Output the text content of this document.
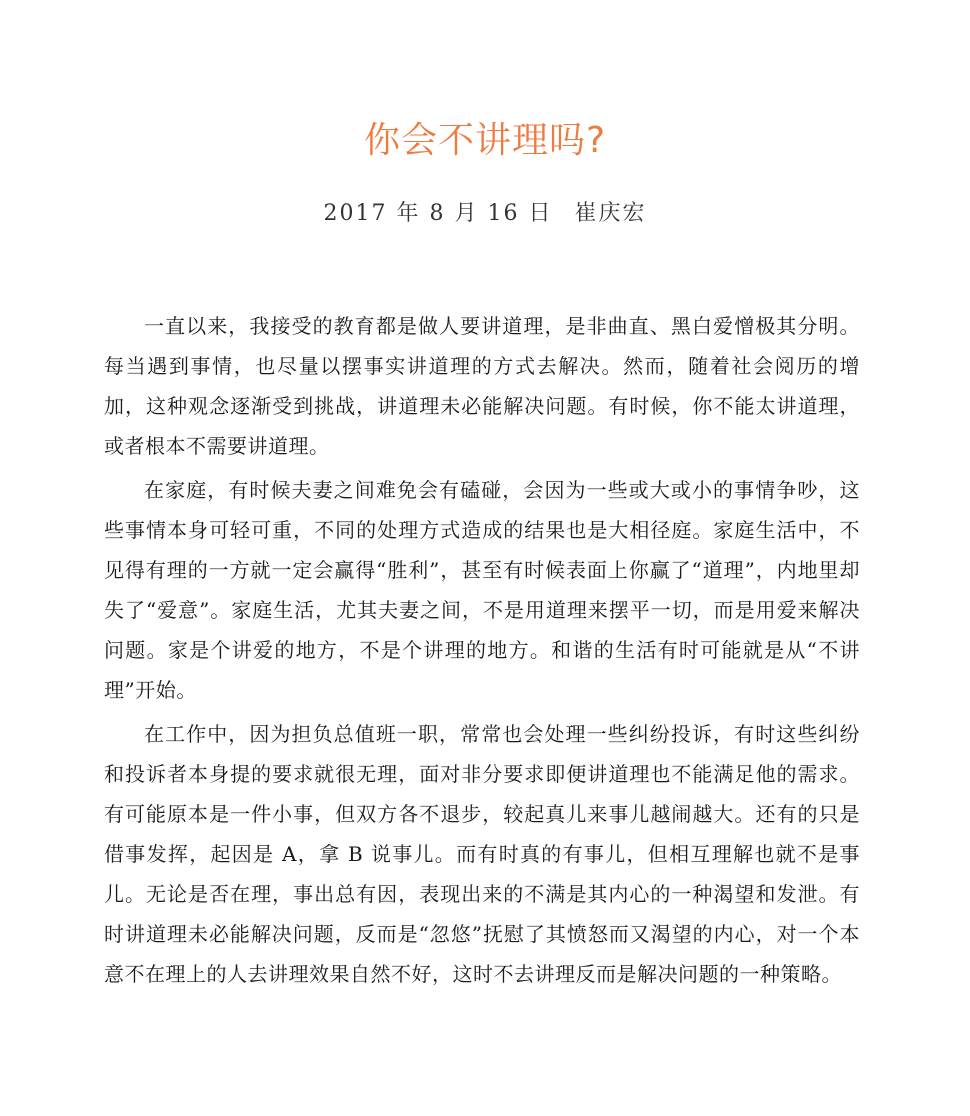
你会不讲理吗?
2017 年 8 月 16 日 崔庆宏

一直以来，我接受的教育都是做人要讲道理，是非曲直、黑白爱憎极其分明。每当遇到事情，也尽量以摆事实讲道理的方式去解决。然而，随着社会阅历的增加，这种观念逐渐受到挑战，讲道理未必能解决问题。有时候，你不能太讲道理，或者根本不需要讲道理。

在家庭，有时候夫妻之间难免会有磕碰，会因为一些或大或小的事情争吵，这些事情本身可轻可重，不同的处理方式造成的结果也是大相径庭。家庭生活中，不见得有理的一方就一定会赢得“胜利”，甚至有时候表面上你赢了“道理”，内地里却失了“爱意”。家庭生活，尤其夫妻之间，不是用道理来摆平一切，而是用爱来解决问题。家是个讲爱的地方，不是个讲理的地方。和谐的生活有时可能就是从“不讲理”开始。

在工作中，因为担负总值班一职，常常也会处理一些纠纷投诉，有时这些纠纷和投诉者本身提的要求就很无理，面对非分要求即便讲道理也不能满足他的需求。有可能原本是一件小事，但双方各不退步，较起真儿来事儿越闹越大。还有的只是借事发挥，起因是 A，拿 B 说事儿。而有时真的有事儿，但相互理解也就不是事儿。无论是否在理，事出总有因，表现出来的不满是其内心的一种渴望和发泄。有时讲道理未必能解决问题，反而是“忽悠”抚慰了其愤怒而又渴望的内心，对一个本意不在理上的人去讲理效果自然不好，这时不去讲理反而是解决问题的一种策略。
